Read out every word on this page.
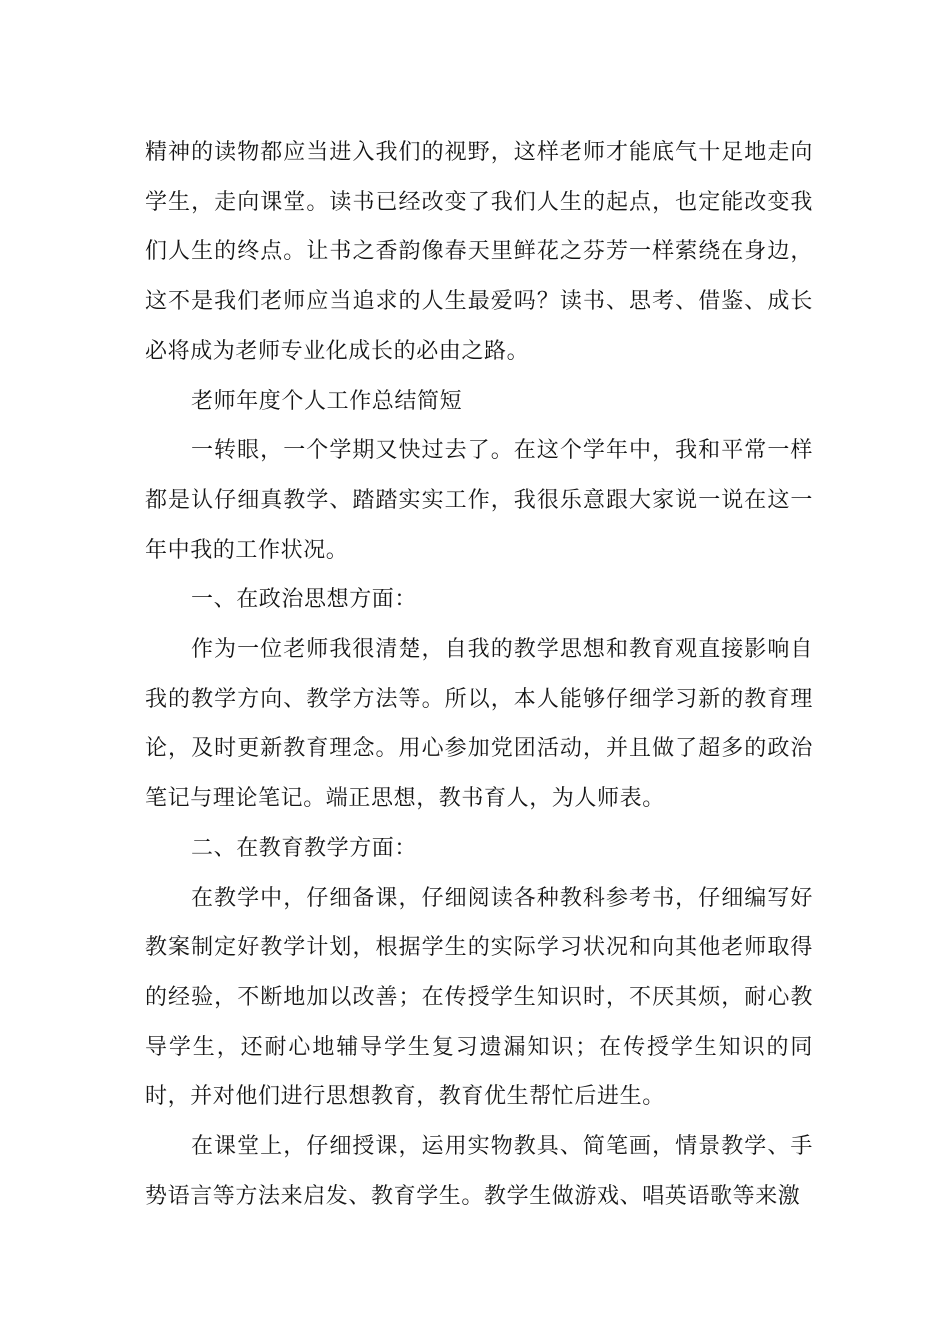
精神的读物都应当进入我们的视野，这样老师才能底气十足地走向学生，走向课堂。读书已经改变了我们人生的起点，也定能改变我们人生的终点。让书之香韵像春天里鲜花之芬芳一样萦绕在身边，这不是我们老师应当追求的人生最爱吗？读书、思考、借鉴、成长必将成为老师专业化成长的必由之路。

老师年度个人工作总结简短

一转眼，一个学期又快过去了。在这个学年中，我和平常一样都是认仔细真教学、踏踏实实工作，我很乐意跟大家说一说在这一年中我的工作状况。

一、在政治思想方面：

作为一位老师我很清楚，自我的教学思想和教育观直接影响自我的教学方向、教学方法等。所以，本人能够仔细学习新的教育理论，及时更新教育理念。用心参加党团活动，并且做了超多的政治笔记与理论笔记。端正思想，教书育人，为人师表。

二、在教育教学方面：

在教学中，仔细备课，仔细阅读各种教科参考书，仔细编写好教案制定好教学计划，根据学生的实际学习状况和向其他老师取得的经验，不断地加以改善；在传授学生知识时，不厌其烦，耐心教导学生，还耐心地辅导学生复习遗漏知识；在传授学生知识的同时，并对他们进行思想教育，教育优生帮忙后进生。

在课堂上，仔细授课，运用实物教具、简笔画，情景教学、手势语言等方法来启发、教育学生。教学生做游戏、唱英语歌等来激
